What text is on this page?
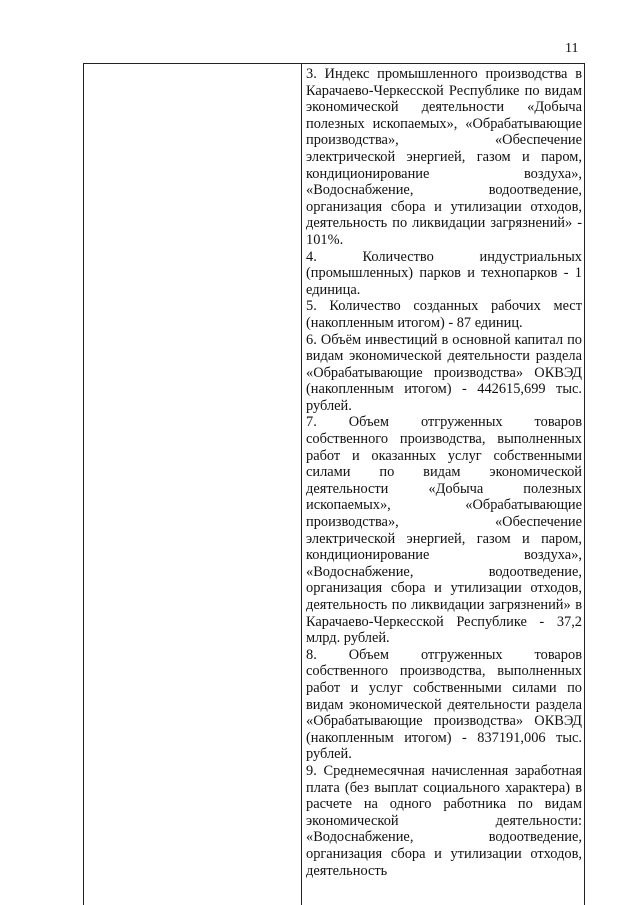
11

3. Индекс промышленного производства в Карачаево-Черкесской Республике по видам экономической деятельности «Добыча полезных ископаемых», «Обрабатывающие производства», «Обеспечение электрической энергией, газом и паром, кондиционирование воздуха», «Водоснабжение, водоотведение, организация сбора и утилизации отходов, деятельность по ликвидации загрязнений» - 101%.

4. Количество индустриальных (промышленных) парков и технопарков - 1 единица.

5. Количество созданных рабочих мест (накопленным итогом) - 87 единиц.

6. Объём инвестиций в основной капитал по видам экономической деятельности раздела «Обрабатывающие производства» ОКВЭД (накопленным итогом) - 442615,699 тыс. рублей.

7. Объем отгруженных товаров собственного производства, выполненных работ и оказанных услуг собственными силами по видам экономической деятельности «Добыча полезных ископаемых», «Обрабатывающие производства», «Обеспечение электрической энергией, газом и паром, кондиционирование воздуха», «Водоснабжение, водоотведение, организация сбора и утилизации отходов, деятельность по ликвидации загрязнений» в Карачаево-Черкесской Республике - 37,2 млрд. рублей.

8. Объем отгруженных товаров собственного производства, выполненных работ и услуг собственными силами по видам экономической деятельности раздела «Обрабатывающие производства» ОКВЭД (накопленным итогом) - 837191,006 тыс. рублей.

9. Среднемесячная начисленная заработная плата (без выплат социального характера) в расчете на одного работника по видам экономической деятельности: «Водоснабжение, водоотведение, организация сбора и утилизации отходов, деятельность
